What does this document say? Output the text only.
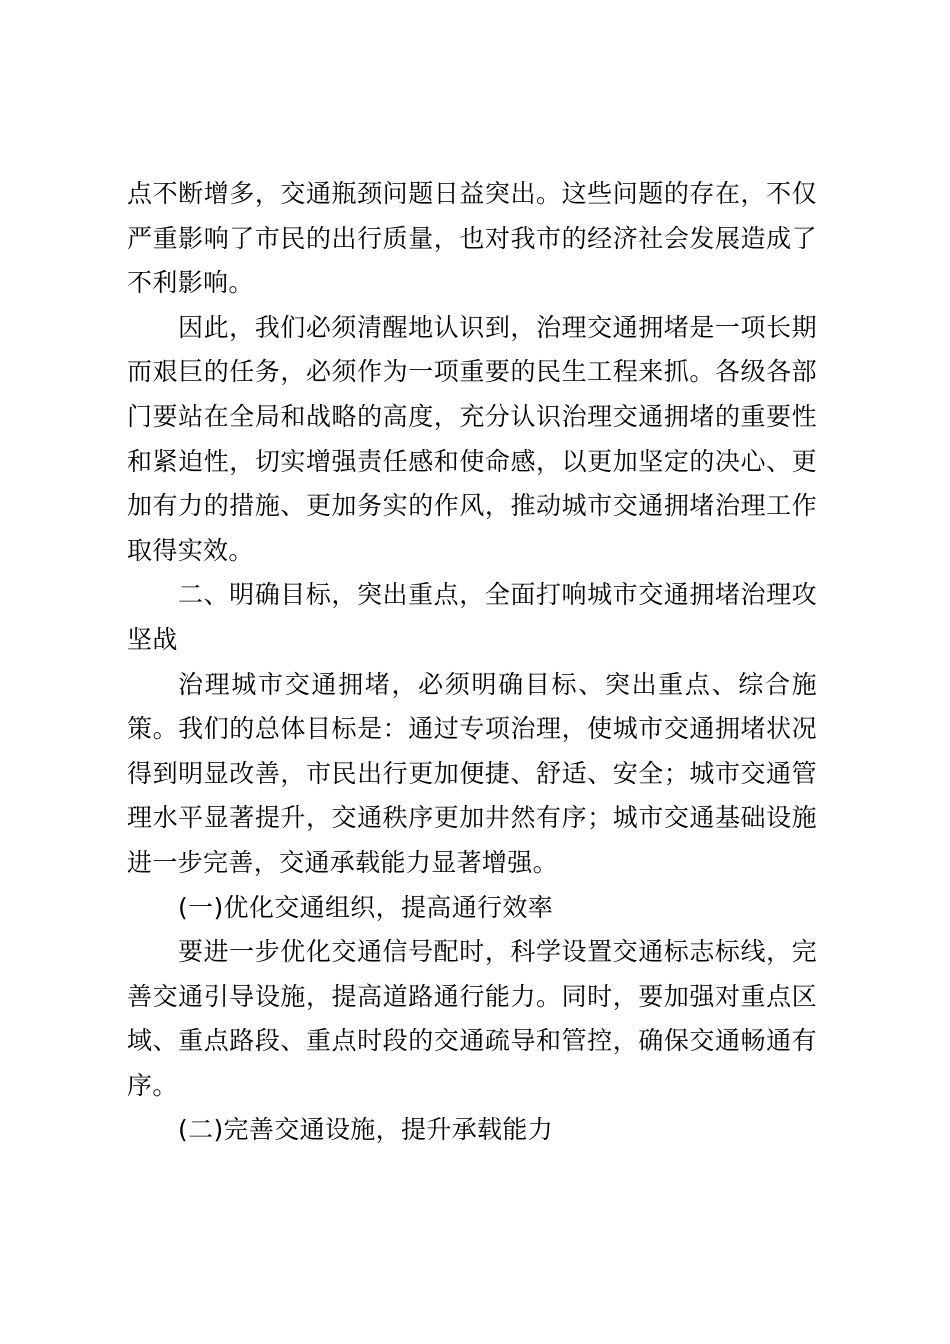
点不断增多，交通瓶颈问题日益突出。这些问题的存在，不仅严重影响了市民的出行质量，也对我市的经济社会发展造成了不利影响。

因此，我们必须清醒地认识到，治理交通拥堵是一项长期而艰巨的任务，必须作为一项重要的民生工程来抓。各级各部门要站在全局和战略的高度，充分认识治理交通拥堵的重要性和紧迫性，切实增强责任感和使命感，以更加坚定的决心、更加有力的措施、更加务实的作风，推动城市交通拥堵治理工作取得实效。

二、明确目标，突出重点，全面打响城市交通拥堵治理攻坚战

治理城市交通拥堵，必须明确目标、突出重点、综合施策。我们的总体目标是：通过专项治理，使城市交通拥堵状况得到明显改善，市民出行更加便捷、舒适、安全；城市交通管理水平显著提升，交通秩序更加井然有序；城市交通基础设施进一步完善，交通承载能力显著增强。

(一)优化交通组织，提高通行效率

要进一步优化交通信号配时，科学设置交通标志标线，完善交通引导设施，提高道路通行能力。同时，要加强对重点区域、重点路段、重点时段的交通疏导和管控，确保交通畅通有序。

(二)完善交通设施，提升承载能力
